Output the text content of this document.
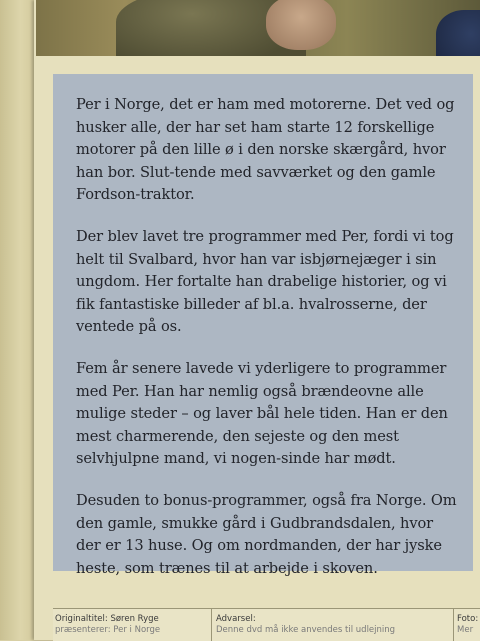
Per i Norge, det er ham med motorerne. Det ved og husker alle, der har set ham starte 12 forskellige motorer på den lille ø i den norske skærgård, hvor han bor. Slut-tende med savværket og den gamle Fordson-traktor.

Der blev lavet tre programmer med Per, fordi vi tog helt til Svalbard, hvor han var isbjørnejæger i sin ungdom. Her fortalte han drabelige historier, og vi fik fantastiske billeder af bl.a. hvalrosserne, der ventede på os.

Fem år senere lavede vi yderligere to programmer med Per. Han har nemlig også brændeovne alle mulige steder – og laver bål hele tiden. Han er den mest charmerende, den sejeste og den mest selvhjulpne mand, vi nogen-sinde har mødt.

Desuden to bonus-programmer, også fra Norge. Om den gamle, smukke gård i Gudbrandsdalen, hvor der er 13 huse. Og om nordmanden, der har jyske heste, som trænes til at arbejde i skoven.

Originaltitel: Søren Ryge
præsenterer: Per i Norge
Advarsel:
Denne dvd må ikke anvendes til udlejning
Foto:
Mer
